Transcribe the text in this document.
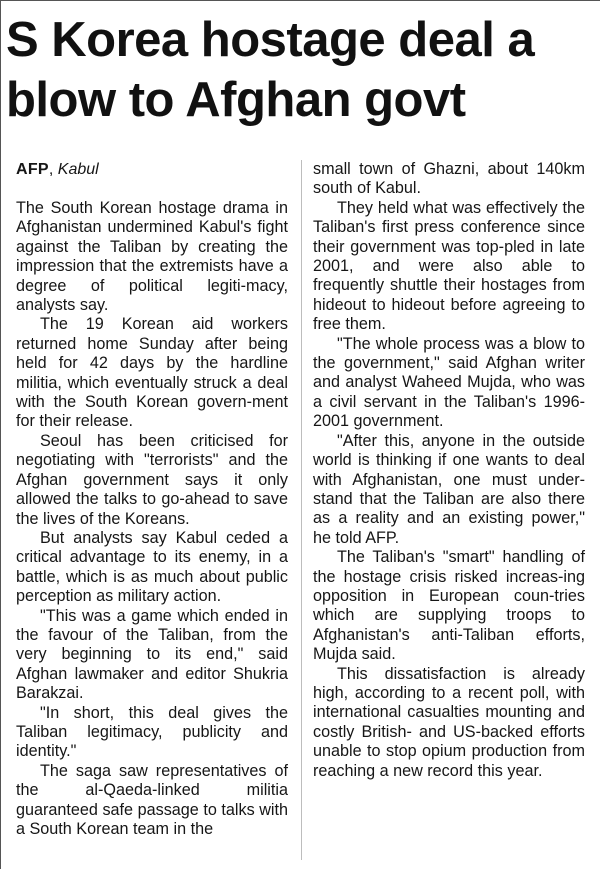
S Korea hostage deal a blow to Afghan govt
AFP, Kabul

The South Korean hostage drama in Afghanistan undermined Kabul's fight against the Taliban by creating the impression that the extremists have a degree of political legiti-macy, analysts say.

The 19 Korean aid workers returned home Sunday after being held for 42 days by the hardline militia, which eventually struck a deal with the South Korean govern-ment for their release.

Seoul has been criticised for negotiating with "terrorists" and the Afghan government says it only allowed the talks to go-ahead to save the lives of the Koreans.

But analysts say Kabul ceded a critical advantage to its enemy, in a battle, which is as much about public perception as military action.

"This was a game which ended in the favour of the Taliban, from the very beginning to its end," said Afghan lawmaker and editor Shukria Barakzai.

"In short, this deal gives the Taliban legitimacy, publicity and identity."

The saga saw representatives of the al-Qaeda-linked militia guaranteed safe passage to talks with a South Korean team in the

small town of Ghazni, about 140km south of Kabul.

They held what was effectively the Taliban's first press conference since their government was top-pled in late 2001, and were also able to frequently shuttle their hostages from hideout to hideout before agreeing to free them.

"The whole process was a blow to the government," said Afghan writer and analyst Waheed Mujda, who was a civil servant in the Taliban's 1996-2001 government.

"After this, anyone in the outside world is thinking if one wants to deal with Afghanistan, one must under-stand that the Taliban are also there as a reality and an existing power," he told AFP.

The Taliban's "smart" handling of the hostage crisis risked increas-ing opposition in European coun-tries which are supplying troops to Afghanistan's anti-Taliban efforts, Mujda said.

This dissatisfaction is already high, according to a recent poll, with international casualties mounting and costly British- and US-backed efforts unable to stop opium production from reaching a new record this year.
